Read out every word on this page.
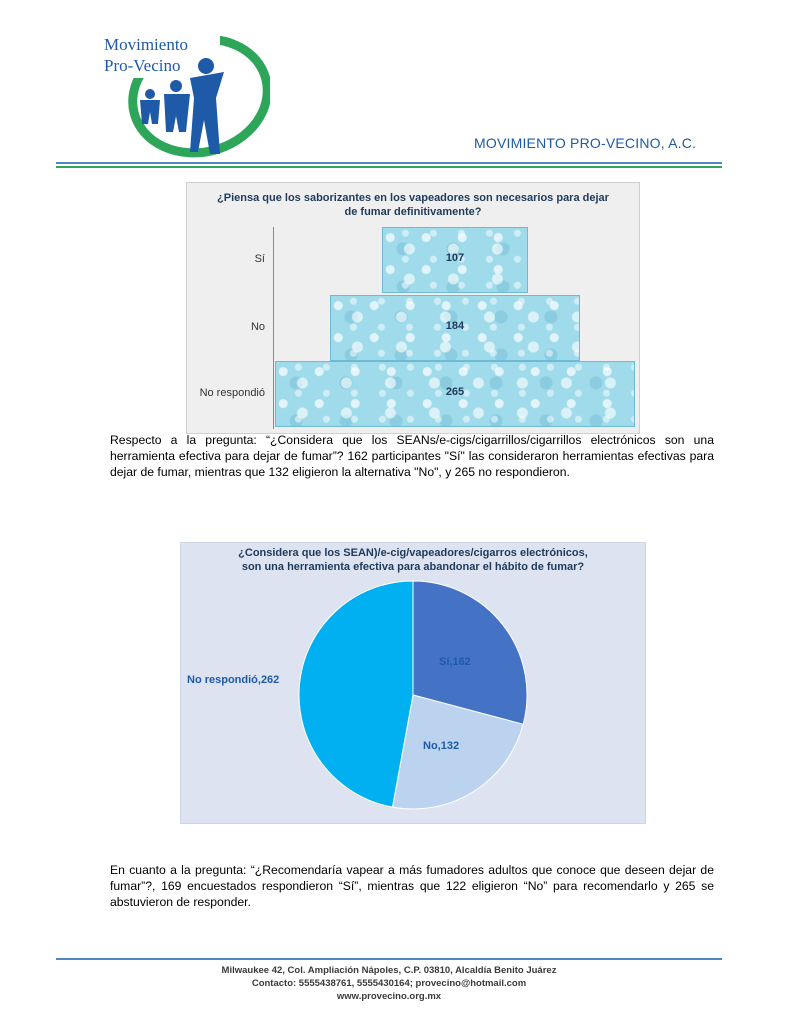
Movimiento
Pro-Vecino
MOVIMIENTO PRO-VECINO, A.C.
¿Piensa que los saborizantes en los vapeadores son necesarios para dejar
de fumar definitivamente?
Sí	107
No	184
No respondió	265

Respecto a la pregunta: “¿Considera que los SEANs/e-cigs/cigarrillos/cigarrillos electrónicos son una herramienta efectiva para dejar de fumar”? 162 participantes "Sí" las consideraron herramientas efectivas para dejar de fumar, mientras que 132 eligieron la alternativa "No", y 265 no respondieron.

¿Considera que los SEAN)/e-cig/vapeadores/cigarros electrónicos,
son una herramienta efectiva para abandonar el hábito de fumar?
Sí,162
No,132
No respondió,262

En cuanto a la pregunta: “¿Recomendaría vapear a más fumadores adultos que conoce que deseen dejar de fumar”?, 169 encuestados respondieron “Sí”, mientras que 122 eligieron “No” para recomendarlo y 265 se abstuvieron de responder.

Milwaukee 42, Col. Ampliación Nápoles, C.P. 03810, Alcaldía Benito Juárez
Contacto: 5555438761, 5555430164; provecino@hotmail.com
www.provecino.org.mx
